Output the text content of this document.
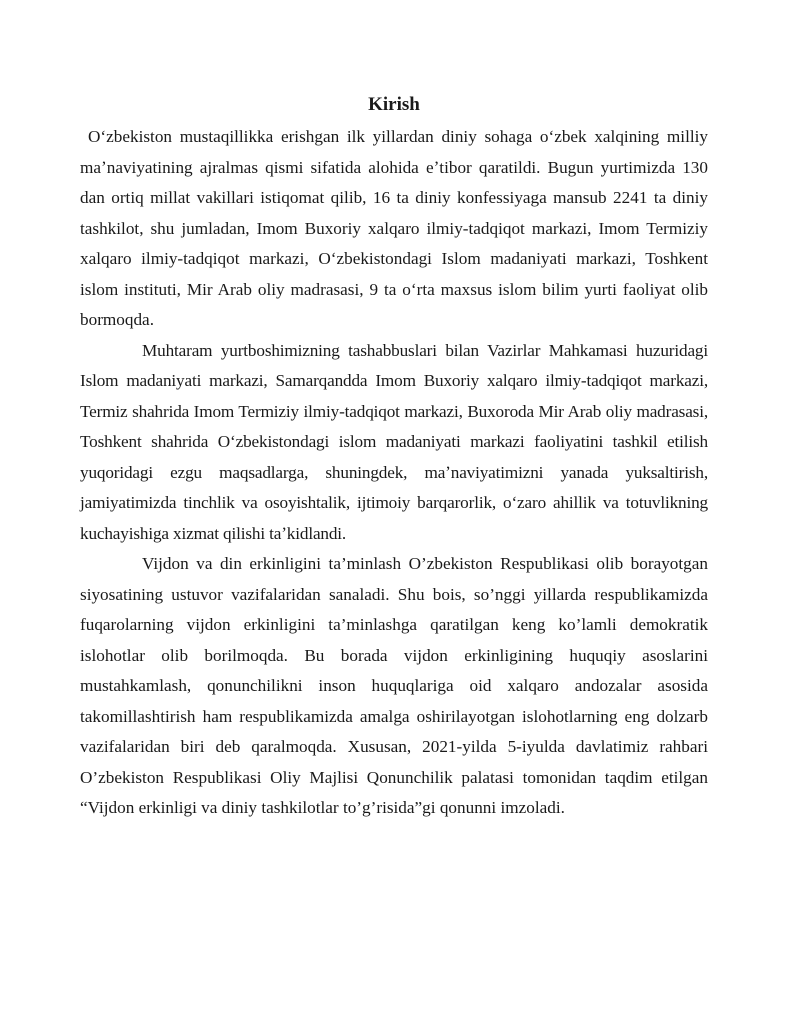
Kirish

Oʻzbekiston mustaqillikka erishgan ilk yillardan diniy sohaga oʻzbek xalqining milliy maʼnaviyatining ajralmas qismi sifatida alohida eʼtibor qaratildi. Bugun yurtimizda 130 dan ortiq millat vakillari istiqomat qilib, 16 ta diniy konfessiyaga mansub 2241 ta diniy tashkilot, shu jumladan, Imom Buxoriy xalqaro ilmiy-tadqiqot markazi, Imom Termiziy xalqaro ilmiy-tadqiqot markazi, Oʻzbekistondagi Islom madaniyati markazi, Toshkent islom instituti, Mir Arab oliy madrasasi, 9 ta oʻrta maxsus islom bilim yurti faoliyat olib bormoqda.

Muhtaram yurtboshimizning tashabbuslari bilan Vazirlar Mahkamasi huzuridagi Islom madaniyati markazi, Samarqandda Imom Buxoriy xalqaro ilmiy-tadqiqot markazi, Termiz shahrida Imom Termiziy ilmiy-tadqiqot markazi, Buxoroda Mir Arab oliy madrasasi, Toshkent shahrida Oʻzbekistondagi islom madaniyati markazi faoliyatini tashkil etilish yuqoridagi ezgu maqsadlarga, shuningdek, maʼnaviyatimizni yanada yuksaltirish, jamiyatimizda tinchlik va osoyishtalik, ijtimoiy barqarorlik, oʻzaro ahillik va totuvlikning kuchayishiga xizmat qilishi taʼkidlandi.

Vijdon va din erkinligini ta’minlash O’zbekiston Respublikasi olib borayotgan siyosatining ustuvor vazifalaridan sanaladi. Shu bois, so’nggi yillarda respublikamizda fuqarolarning vijdon erkinligini ta’minlashga qaratilgan keng ko’lamli demokratik islohotlar olib borilmoqda. Bu borada vijdon erkinligining huquqiy asoslarini mustahkamlash, qonunchilikni inson huquqlariga oid xalqaro andozalar asosida takomillashtirish ham respublikamizda amalga oshirilayotgan islohotlarning eng dolzarb vazifalaridan biri deb qaralmoqda. Xususan, 2021-yilda 5-iyulda davlatimiz rahbari O’zbekiston Respublikasi Oliy Majlisi Qonunchilik palatasi tomonidan taqdim etilgan “Vijdon erkinligi va diniy tashkilotlar to’g’risida”gi qonunni imzoladi.
